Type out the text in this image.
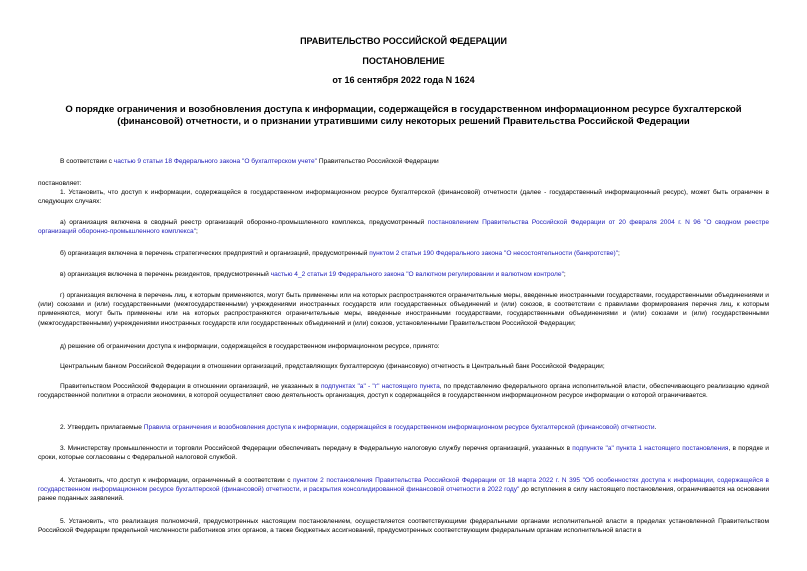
ПРАВИТЕЛЬСТВО РОССИЙСКОЙ ФЕДЕРАЦИИ
ПОСТАНОВЛЕНИЕ
от 16 сентября 2022 года N 1624
О порядке ограничения и возобновления доступа к информации, содержащейся в государственном информационном ресурсе бухгалтерской (финансовой) отчетности, и о признании утратившими силу некоторых решений Правительства Российской Федерации
В соответствии с частью 9 статьи 18 Федерального закона "О бухгалтерском учете" Правительство Российской Федерации
постановляет:
1. Установить, что доступ к информации, содержащейся в государственном информационном ресурсе бухгалтерской (финансовой) отчетности (далее - государственный информационный ресурс), может быть ограничен в следующих случаях:
а) организация включена в сводный реестр организаций оборонно-промышленного комплекса, предусмотренный постановлением Правительства Российской Федерации от 20 февраля 2004 г. N 96 "О сводном реестре организаций оборонно-промышленного комплекса";
б) организация включена в перечень стратегических предприятий и организаций, предусмотренный пунктом 2 статьи 190 Федерального закона "О несостоятельности (банкротстве)";
в) организация включена в перечень резидентов, предусмотренный частью 4_2 статьи 19 Федерального закона "О валютном регулировании и валютном контроле";
г) организация включена в перечень лиц, к которым применяются, могут быть применены или на которых распространяются ограничительные меры, введенные иностранными государствами, государственными объединениями и (или) союзами и (или) государственными (межгосударственными) учреждениями иностранных государств или государственных объединений и (или) союзов, в соответствии с правилами формирования перечня лиц, к которым применяются, могут быть применены или на которых распространяются ограничительные меры, введенные иностранными государствами, государственными объединениями и (или) союзами и (или) государственными (межгосударственными) учреждениями иностранных государств или государственных объединений и (или) союзов, установленными Правительством Российской Федерации;
д) решение об ограничении доступа к информации, содержащейся в государственном информационном ресурсе, принято:
Центральным банком Российской Федерации в отношении организаций, представляющих бухгалтерскую (финансовую) отчетность в Центральный банк Российской Федерации;
Правительством Российской Федерации в отношении организаций, не указанных в подпунктах "а" - "г" настоящего пункта, по представлению федерального органа исполнительной власти, обеспечивающего реализацию единой государственной политики в отрасли экономики, в которой осуществляет свою деятельность организация, доступ к содержащейся в государственном информационном ресурсе информации о которой ограничивается.
2. Утвердить прилагаемые Правила ограничения и возобновления доступа к информации, содержащейся в государственном информационном ресурсе бухгалтерской (финансовой) отчетности.
3. Министерству промышленности и торговли Российской Федерации обеспечивать передачу в Федеральную налоговую службу перечня организаций, указанных в подпункте "а" пункта 1 настоящего постановления, в порядке и сроки, которые согласованы с Федеральной налоговой службой.
4. Установить, что доступ к информации, ограниченный в соответствии с пунктом 2 постановления Правительства Российской Федерации от 18 марта 2022 г. N 395 "Об особенностях доступа к информации, содержащейся в государственном информационном ресурсе бухгалтерской (финансовой) отчетности, и раскрытия консолидированной финансовой отчетности в 2022 году" до вступления в силу настоящего постановления, ограничивается на основании ранее поданных заявлений.
5. Установить, что реализация полномочий, предусмотренных настоящим постановлением, осуществляется соответствующими федеральными органами исполнительной власти в пределах установленной Правительством Российской Федерации предельной численности работников этих органов, а также бюджетных ассигнований, предусмотренных соответствующим федеральным органам исполнительной власти в
